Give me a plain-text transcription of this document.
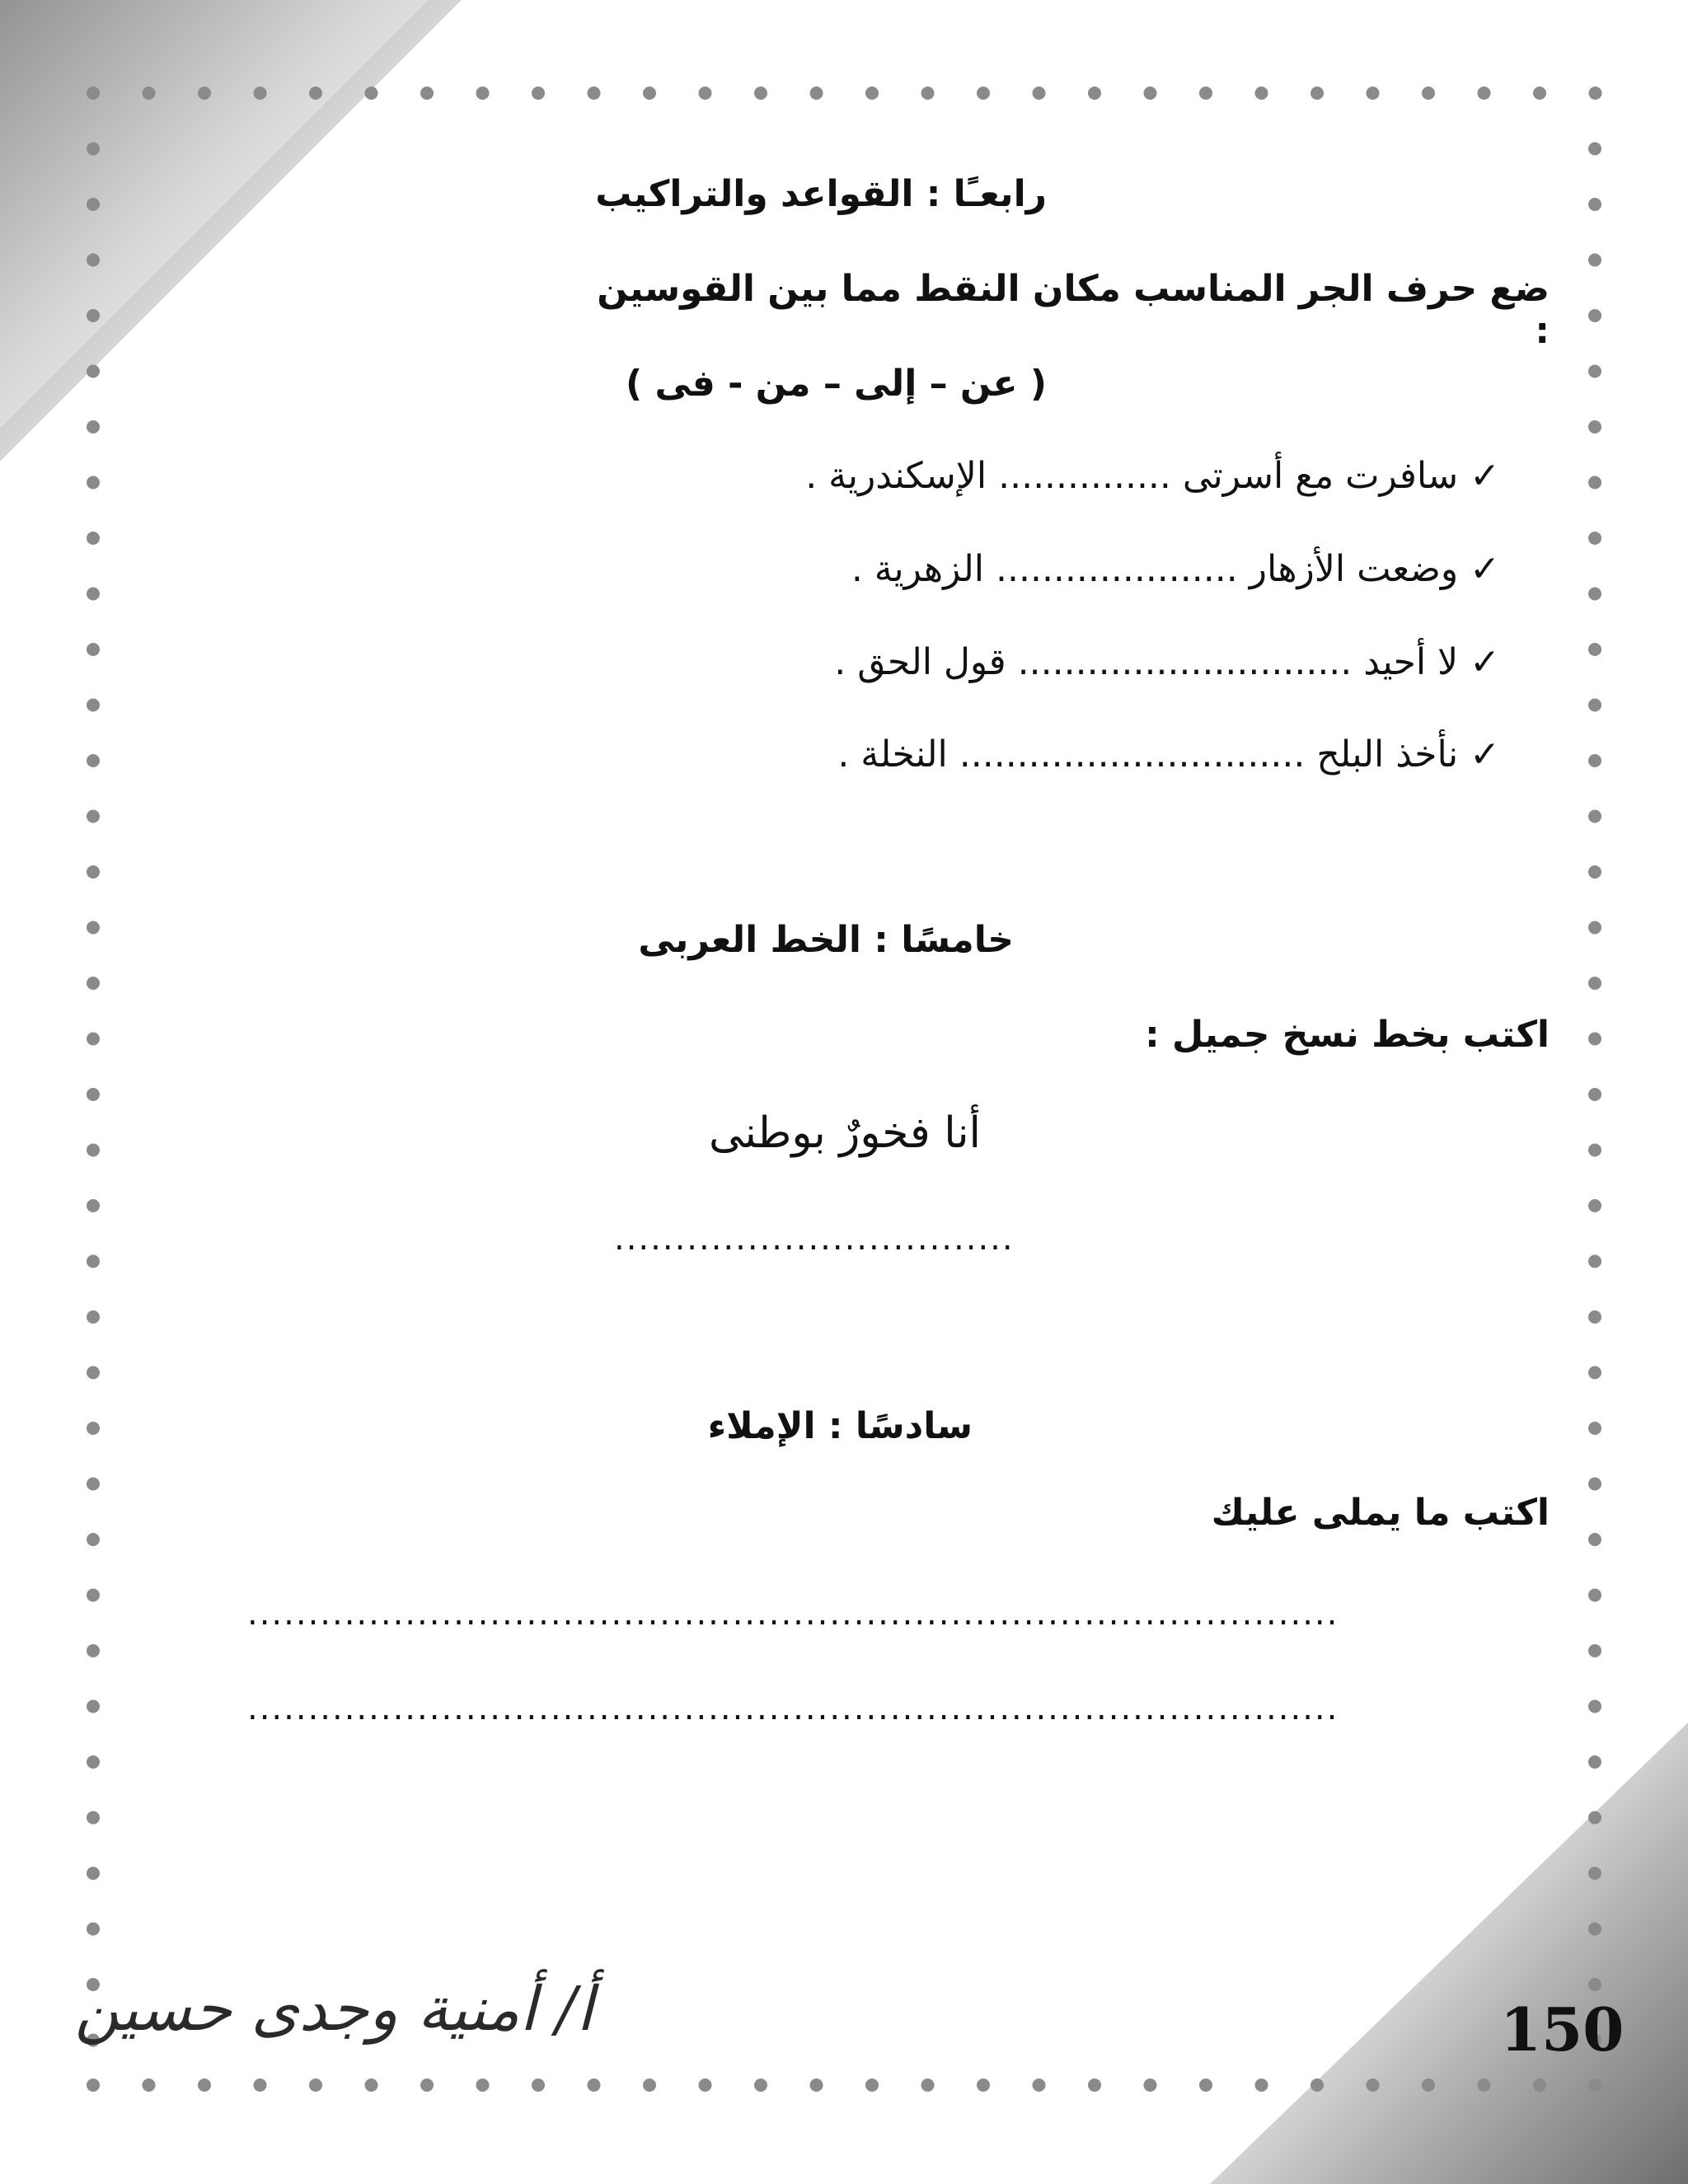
رابعـًا : القواعد والتراكيب
ضع حرف الجر المناسب مكان النقط مما بين القوسين :
( عن – إلى – من - فى )
✓ سافرت مع أسرتى ............... الإسكندرية .
✓ وضعت الأزهار ..................... الزهرية .
✓ لا أحيد ............................. قول الحق .
✓ نأخذ البلح .............................. النخلة .
خامسًا : الخط العربى
اكتب بخط نسخ جميل :
أنا فخورٌ بوطنى
.................................
سادسًا : الإملاء
اكتب ما يملى عليك
..........................................................................................
..........................................................................................
أ/ أمنية وجدى حسين	150
